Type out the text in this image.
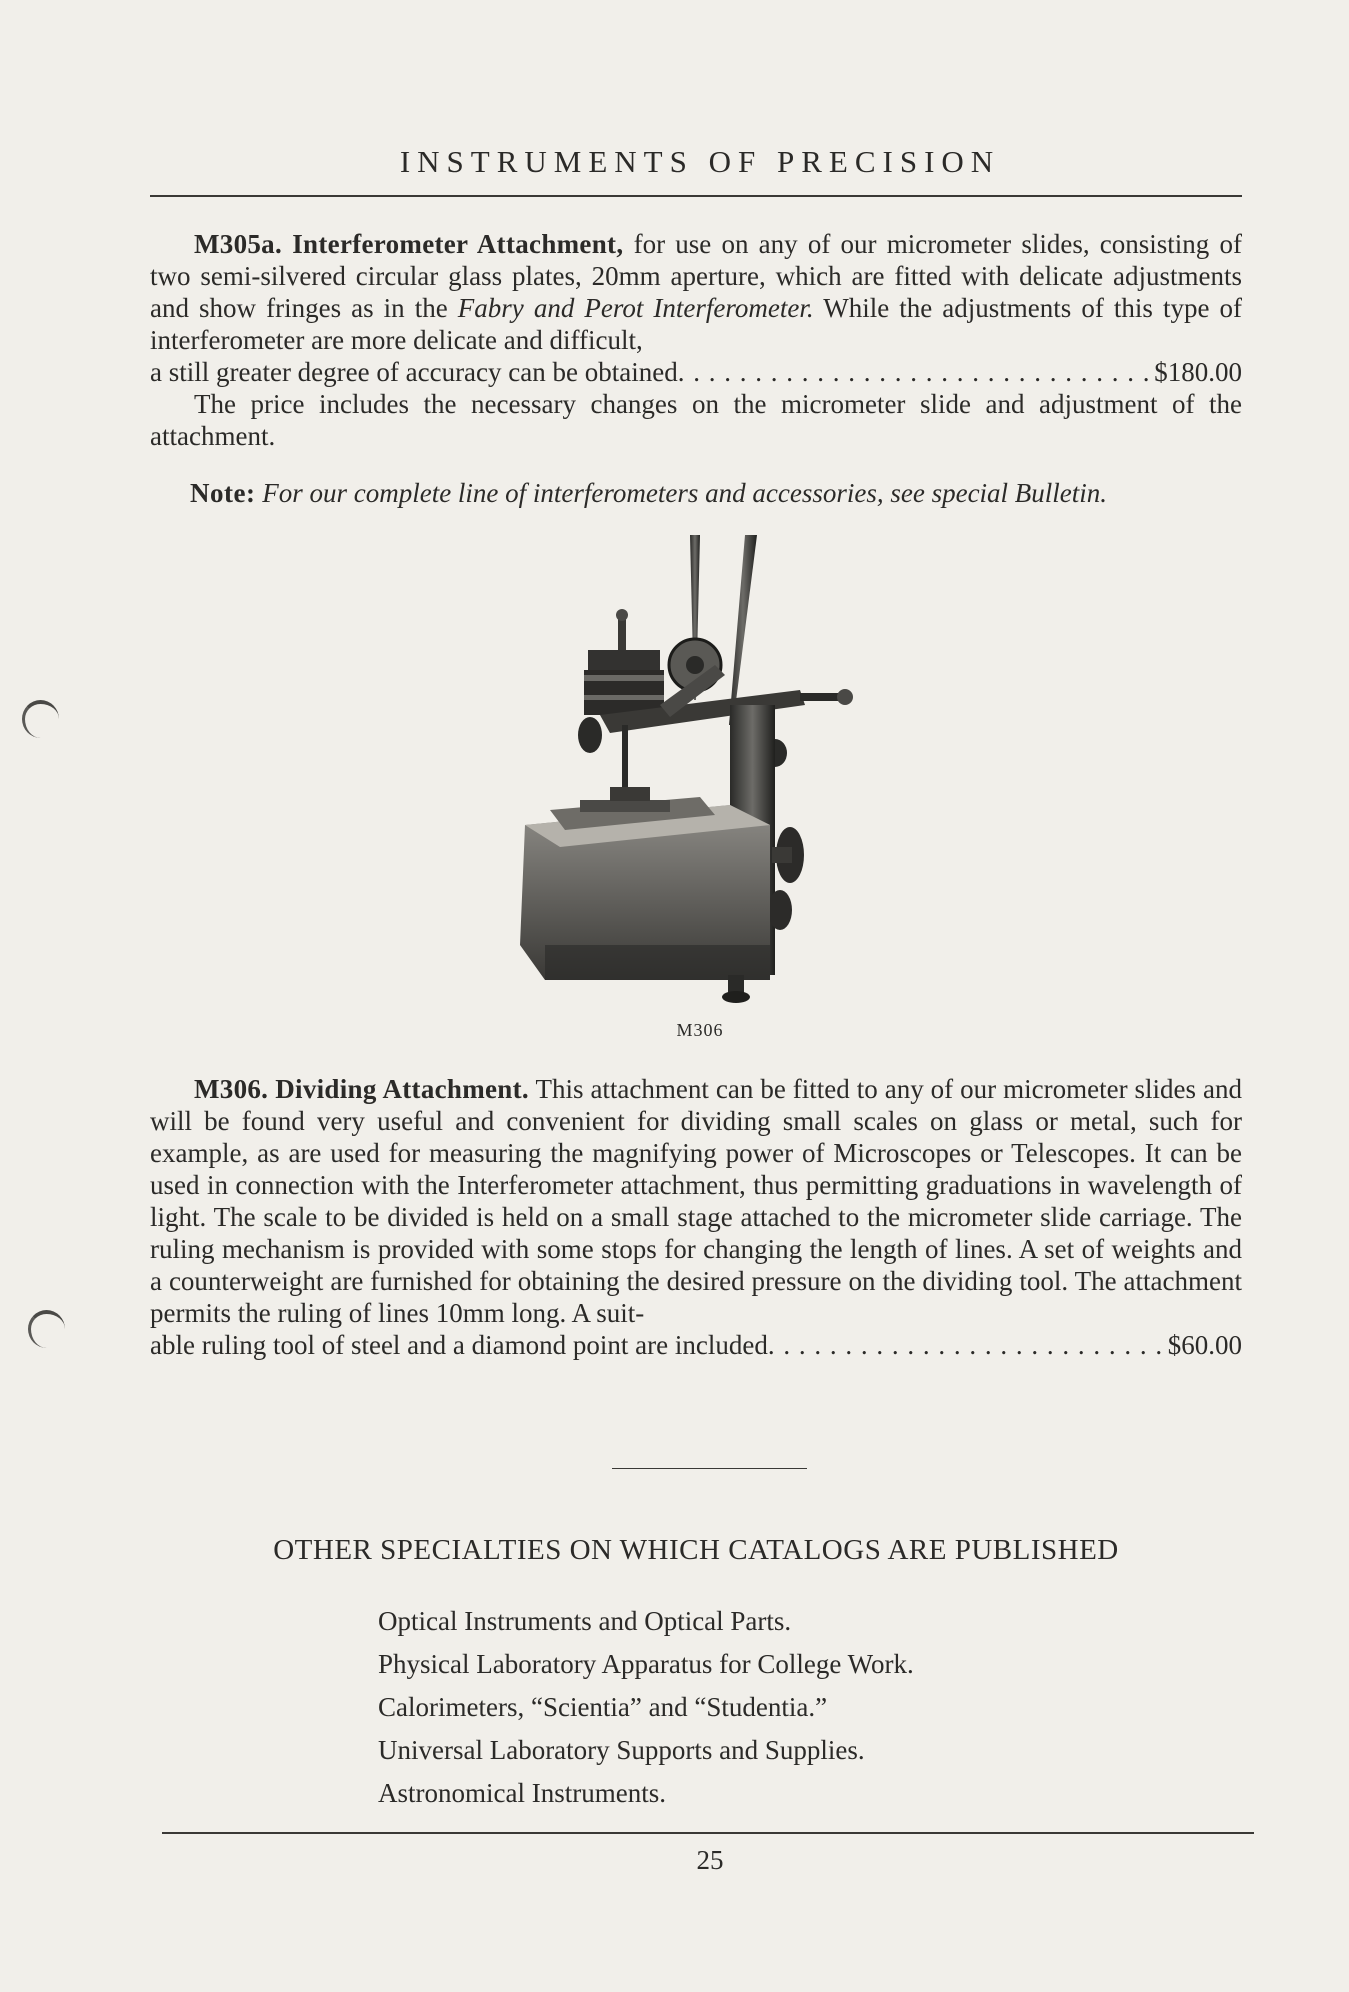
INSTRUMENTS OF PRECISION

M305a. Interferometer Attachment, for use on any of our micrometer slides, consisting of two semi-silvered circular glass plates, 20mm aperture, which are fitted with delicate adjustments and show fringes as in the Fabry and Perot Interferometer. While the adjustments of this type of interferometer are more delicate and difficult,

a still greater degree of accuracy can be obtained . . .	$180.00

The price includes the necessary changes on the micrometer slide and adjustment of the attachment.

Note: For our complete line of interferometers and accessories, see special Bulletin.
M306

M306. Dividing Attachment. This attachment can be fitted to any of our micrometer slides and will be found very useful and convenient for dividing small scales on glass or metal, such for example, as are used for measuring the magnifying power of Microscopes or Telescopes. It can be used in connection with the Interferometer attachment, thus permitting graduations in wavelength of light. The scale to be divided is held on a small stage attached to the micrometer slide carriage. The ruling mechanism is provided with some stops for changing the length of lines. A set of weights and a counterweight are furnished for obtaining the desired pressure on the dividing tool. The attachment permits the ruling of lines 10mm long. A suit-

able ruling tool of steel and a diamond point are included . . .	$60.00
OTHER SPECIALTIES ON WHICH CATALOGS ARE PUBLISHED
Optical Instruments and Optical Parts.
Physical Laboratory Apparatus for College Work.
Calorimeters, “Scientia” and “Studentia.”
Universal Laboratory Supports and Supplies.
Astronomical Instruments.
25
